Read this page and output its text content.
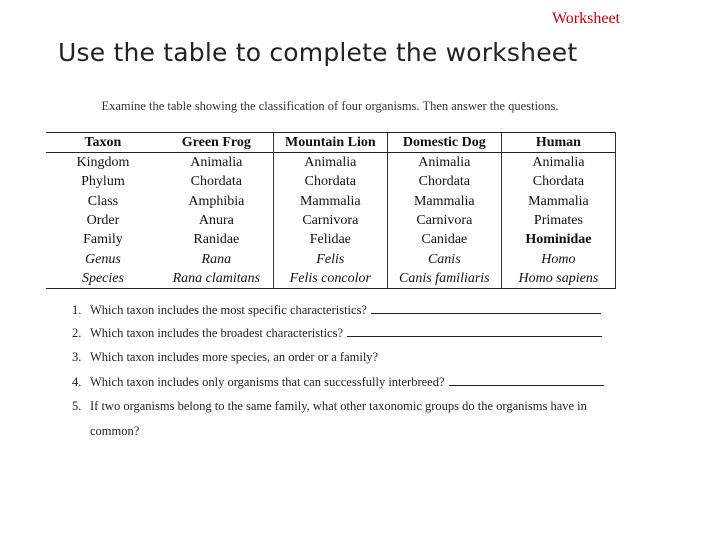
Worksheet
Use the table to complete the worksheet
Examine the table showing the classification of four organisms. Then answer the questions.
Taxon	Green Frog	Mountain Lion	Domestic Dog	Human
Kingdom	Animalia	Animalia	Animalia	Animalia
Phylum	Chordata	Chordata	Chordata	Chordata
Class	Amphibia	Mammalia	Mammalia	Mammalia
Order	Anura	Carnivora	Carnivora	Primates
Family	Ranidae	Felidae	Canidae	Hominidae
Genus	Rana	Felis	Canis	Homo
Species	Rana clamitans	Felis concolor	Canis familiaris	Homo sapiens
1. Which taxon includes the most specific characteristics?
2. Which taxon includes the broadest characteristics?
3. Which taxon includes more species, an order or a family?
4. Which taxon includes only organisms that can successfully interbreed?
5. If two organisms belong to the same family, what other taxonomic groups do the organisms have in
common?
